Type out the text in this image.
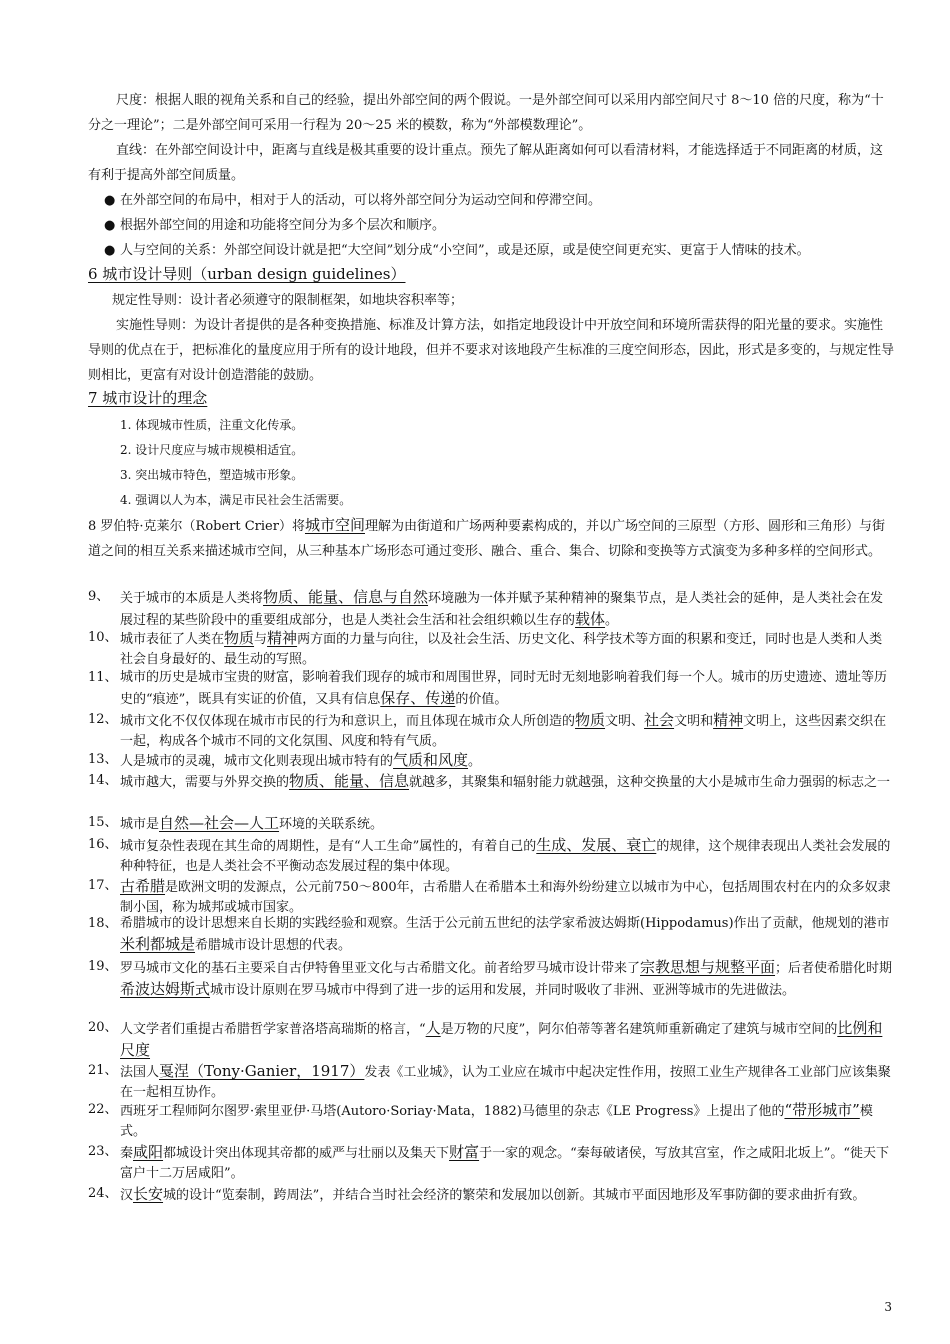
尺度：根据人眼的视角关系和自己的经验，提出外部空间的两个假说。一是外部空间可以采用内部空间尺寸 8～10 倍的尺度，称为“十分之一理论”；二是外部空间可采用一行程为 20～25 米的模数，称为“外部模数理论”。
直线：在外部空间设计中，距离与直线是极其重要的设计重点。预先了解从距离如何可以看清材料，才能选择适于不同距离的材质，这有利于提高外部空间质量。
● 在外部空间的布局中，相对于人的活动，可以将外部空间分为运动空间和停滞空间。
● 根据外部空间的用途和功能将空间分为多个层次和顺序。
● 人与空间的关系：外部空间设计就是把“大空间”划分成“小空间”，或是还原，或是使空间更充实、更富于人情味的技术。
6 城市设计导则（urban design guidelines）
规定性导则：设计者必须遵守的限制框架，如地块容积率等；
实施性导则：为设计者提供的是各种变换措施、标准及计算方法，如指定地段设计中开放空间和环境所需获得的阳光量的要求。实施性导则的优点在于，把标准化的量度应用于所有的设计地段，但并不要求对该地段产生标准的三度空间形态，因此，形式是多变的，与规定性导则相比，更富有对设计创造潜能的鼓励。
7 城市设计的理念
1. 体现城市性质，注重文化传承。
2. 设计尺度应与城市规模相适宜。
3. 突出城市特色，塑造城市形象。
4. 强调以人为本，满足市民社会生活需要。
8 罗伯特·克莱尔（Robert Crier）将城市空间理解为由街道和广场两种要素构成的，并以广场空间的三原型（方形、圆形和三角形）与街道之间的相互关系来描述城市空间，从三种基本广场形态可通过变形、融合、重合、集合、切除和变换等方式演变为多种多样的空间形式。
9、 关于城市的本质是人类将物质、能量、信息与自然环境融为一体并赋予某种精神的聚集节点，是人类社会的延伸，是人类社会在发展过程的某些阶段中的重要组成部分，也是人类社会生活和社会组织赖以生存的载体。
10、 城市表征了人类在物质与精神两方面的力量与向往，以及社会生活、历史文化、科学技术等方面的积累和变迁，同时也是人类和人类社会自身最好的、最生动的写照。
11、 城市的历史是城市宝贵的财富，影响着我们现存的城市和周围世界，同时无时无刻地影响着我们每一个人。城市的历史遗迹、遗址等历史的“痕迹”，既具有实证的价值，又具有信息保存、传递的价值。
12、 城市文化不仅仅体现在城市市民的行为和意识上，而且体现在城市众人所创造的物质文明、社会文明和精神文明上，这些因素交织在一起，构成各个城市不同的文化氛围、风度和特有气质。
13、 人是城市的灵魂，城市文化则表现出城市特有的气质和风度。
14、 城市越大，需要与外界交换的物质、能量、信息就越多，其聚集和辐射能力就越强，这种交换量的大小是城市生命力强弱的标志之一
15、 城市是自然—社会—人工环境的关联系统。
16、 城市复杂性表现在其生命的周期性，是有“人工生命”属性的，有着自己的生成、发展、衰亡的规律，这个规律表现出人类社会发展的种种特征，也是人类社会不平衡动态发展过程的集中体现。
17、 古希腊是欧洲文明的发源点，公元前750～800年，古希腊人在希腊本土和海外纷纷建立以城市为中心，包括周围农村在内的众多奴隶制小国，称为城邦或城市国家。
18、 希腊城市的设计思想来自长期的实践经验和观察。生活于公元前五世纪的法学家希波达姆斯(Hippodamus)作出了贡献，他规划的港市米利都城是希腊城市设计思想的代表。
19、 罗马城市文化的基石主要采自古伊特鲁里亚文化与古希腊文化。前者给罗马城市设计带来了宗教思想与规整平面；后者使希腊化时期希波达姆斯式城市设计原则在罗马城市中得到了进一步的运用和发展，并同时吸收了非洲、亚洲等城市的先进做法。
20、 人文学者们重提古希腊哲学家普洛塔高瑞斯的格言，“人是万物的尺度”，阿尔伯蒂等著名建筑师重新确定了建筑与城市空间的比例和尺度
21、 法国人戛涅（Tony·Ganier，1917）发表《工业城》，认为工业应在城市中起决定性作用，按照工业生产规律各工业部门应该集聚在一起相互协作。
22、 西班牙工程师阿尔图罗·索里亚伊·马塔(Autoro·Soriay·Mata，1882)马德里的杂志《LE Progress》上提出了他的“带形城市”模式。
23、 秦咸阳都城设计突出体现其帝都的威严与壮丽以及集天下财富于一家的观念。“秦每破诸侯，写放其宫室，作之咸阳北坂上”。“徙天下富户十二万居咸阳”。
24、 汉长安城的设计“览秦制，跨周法”，并结合当时社会经济的繁荣和发展加以创新。其城市平面因地形及军事防御的要求曲折有致。
3
